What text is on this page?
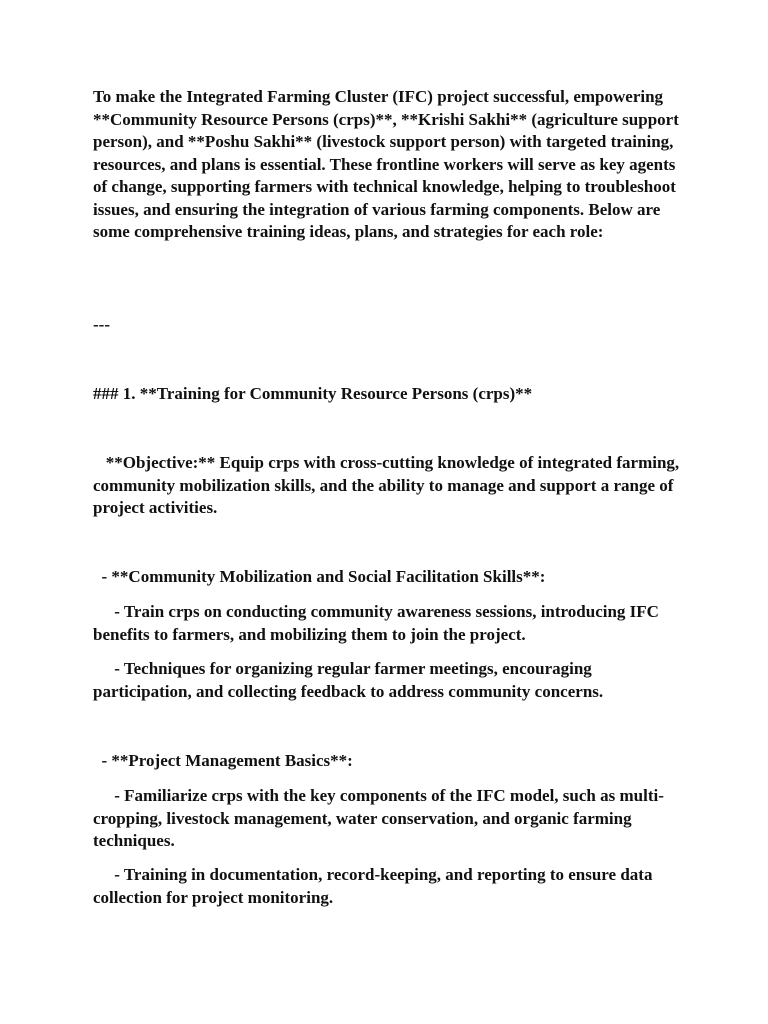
To make the Integrated Farming Cluster (IFC) project successful, empowering **Community Resource Persons (crps)**, **Krishi Sakhi** (agriculture support person), and **Poshu Sakhi** (livestock support person) with targeted training, resources, and plans is essential. These frontline workers will serve as key agents of change, supporting farmers with technical knowledge, helping to troubleshoot issues, and ensuring the integration of various farming components. Below are some comprehensive training ideas, plans, and strategies for each role:

---

### 1. **Training for Community Resource Persons (crps)**

**Objective:** Equip crps with cross-cutting knowledge of integrated farming, community mobilization skills, and the ability to manage and support a range of project activities.

- **Community Mobilization and Social Facilitation Skills**:

- Train crps on conducting community awareness sessions, introducing IFC benefits to farmers, and mobilizing them to join the project.

- Techniques for organizing regular farmer meetings, encouraging participation, and collecting feedback to address community concerns.

- **Project Management Basics**:

- Familiarize crps with the key components of the IFC model, such as multi-cropping, livestock management, water conservation, and organic farming techniques.

- Training in documentation, record-keeping, and reporting to ensure data collection for project monitoring.
